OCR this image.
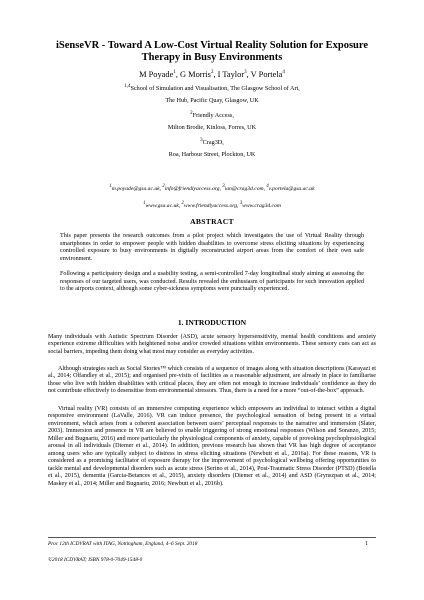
iSenseVR - Toward A Low-Cost Virtual Reality Solution for Exposure
Therapy in Busy Environments
M Poyade$^1$, G Morris$^2$, I Taylor$^3$, V Portela$^4$
$^{1,4}$School of Simulation and Visualisation, The Glasgow School of Art,
The Hub, Pacific Quay, Glasgow, UK
$^2$Friendly Access,
Milton Brodie, Kinloss, Forres, UK
$^3$Crag3D,
Roa, Harbour Street, Plockton, UK
$^1$m.poyade@gsa.ac.uk, $^2$info@friendlyaccess.org, $^3$ian@crag3d.com, $^4$v.portela@gsa.ac.uk
$^1$www.gsa.ac.uk, $^2$www.friendlyaccess.org, $^3$www.crag3d.com
ABSTRACT
This paper presents the research outcomes from a pilot project which investigates the use of Virtual Reality through smartphones in order to empower people with hidden disabilities to overcome stress eliciting situations by experiencing controlled exposure to busy environments in digitally reconstructed airport areas from the comfort of their own safe environment.
Following a participatory design and a usability testing, a semi-controlled 7-day longitudinal study aiming at assessing the responses of our targeted users, was conducted. Results revealed the enthusiasm of participants for such innovation applied to the airports context, although some cyber-sickness symptoms were punctually experienced.
1. INTRODUCTION
Many individuals with Autistic Spectrum Disorder (ASD), acute sensory hypersensitivity, mental health conditions and anxiety experience extreme difficulties with heightened noise and/or crowded situations within environments. These sensory cues can act as social barriers, impeding them doing what most may consider as everyday activities.
Although strategies such as Social Stories™ which consists of a sequence of images along with situation descriptions (Karayazi et al., 2014; Olfandley et al., 2015); and organised pre-visits of facilities as a reasonable adjustment, are already in place to familiarise those who live with hidden disabilities with critical places, they are often not enough to increase individuals’ confidence as they do not contribute effectively to desensitise from environmental stressors. Thus, there is a need for a more “out-of-the-box” approach.
Virtual reality (VR) consists of an immersive computing experience which empowers an individual to interact within a digital responsive environment (LaValle, 2016). VR can induce presence, the psychological sensation of being present in a virtual environment, which arises from a coherent association between users’ perceptual responses to the narrative and immersion (Slater, 2003). Immersion and presence in VR are believed to enable triggering of strong emotional responses (Wilson and Soranzo, 2015; Miller and Bugnariu, 2016) and more particularly the physiological components of anxiety, capable of provoking psychophysiological arousal in all individuals (Diemer et al., 2014). In addition, previous research has shown that VR has high degree of acceptance among users who are typically subject to distress in stress eliciting situations (Newbutt et al., 2016a). For these reasons, VR is considered as a promising facilitator of exposure therapy for the improvement of psychological wellbeing offering opportunities to tackle mental and developmental disorders such as acute stress (Serino et al., 2014), Post-Traumatic Stress Disorder (PTSD) (Botella et al., 2015), dementia (Garcia-Betances et al., 2015), anxiety disorders (Diemer et al., 2014) and ASD (Grynszpan et al., 2014; Maskey et al., 2014; Miller and Bugnariu, 2016; Newbutt et al., 2016b).
Proc 12th ICDVRAT with ITAG, Nottingham, England, 4–6 Sept. 2018	1
©2018 ICDVRAT; ISBN 978-0-7049-1548-0
